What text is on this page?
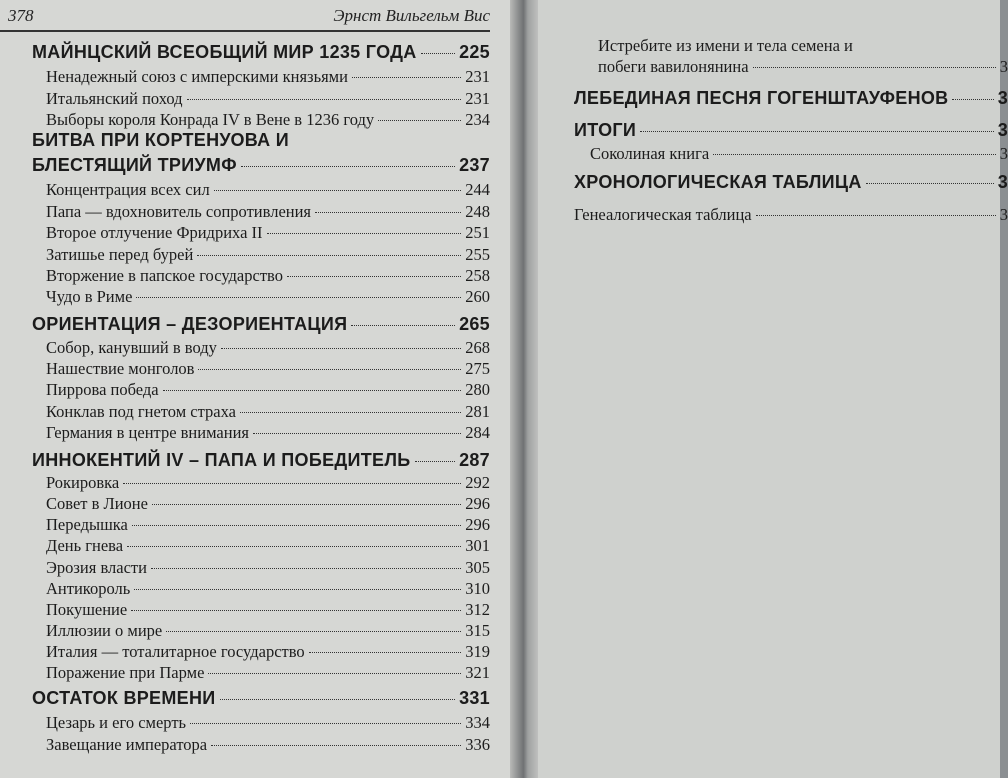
378	Эрнст Вильгельм Вис
МАЙНЦСКИЙ ВСЕОБЩИЙ МИР 1235 ГОДА 225
Ненадежный союз с имперскими князьями	231
Итальянский поход	231
Выборы короля Конрада IV в Вене в 1236 году	234
БИТВА ПРИ КОРТЕНУОВА И
БЛЕСТЯЩИЙ ТРИУМФ	237
Концентрация всех сил	244
Папа — вдохновитель сопротивления	248
Второе отлучение Фридриха II	251
Затишье перед бурей	255
Вторжение в папское государство	258
Чудо в Риме	260
ОРИЕНТАЦИЯ – ДЕЗОРИЕНТАЦИЯ	265
Собор, канувший в воду	268
Нашествие монголов	275
Пиррова победа	280
Конклав под гнетом страха	281
Германия в центре внимания	284
ИННОКЕНТИЙ IV – ПАПА И ПОБЕДИТЕЛЬ	287
Рокировка	292
Совет в Лионе	296
Передышка	296
День гнева	301
Эрозия власти	305
Антикороль	310
Покушение	312
Иллюзии о мире	315
Италия — тоталитарное государство	319
Поражение при Парме	321
ОСТАТОК ВРЕМЕНИ	331
Цезарь и его смерть	334
Завещание императора	336
Истребите из имени и тела семена и
побеги вавилонянина	3
ЛЕБЕДИНАЯ ПЕСНЯ ГОГЕНШТАУФЕНОВ	3
ИТОГИ	3
Соколиная книга	3
ХРОНОЛОГИЧЕСКАЯ ТАБЛИЦА	3
Генеалогическая таблица	3
